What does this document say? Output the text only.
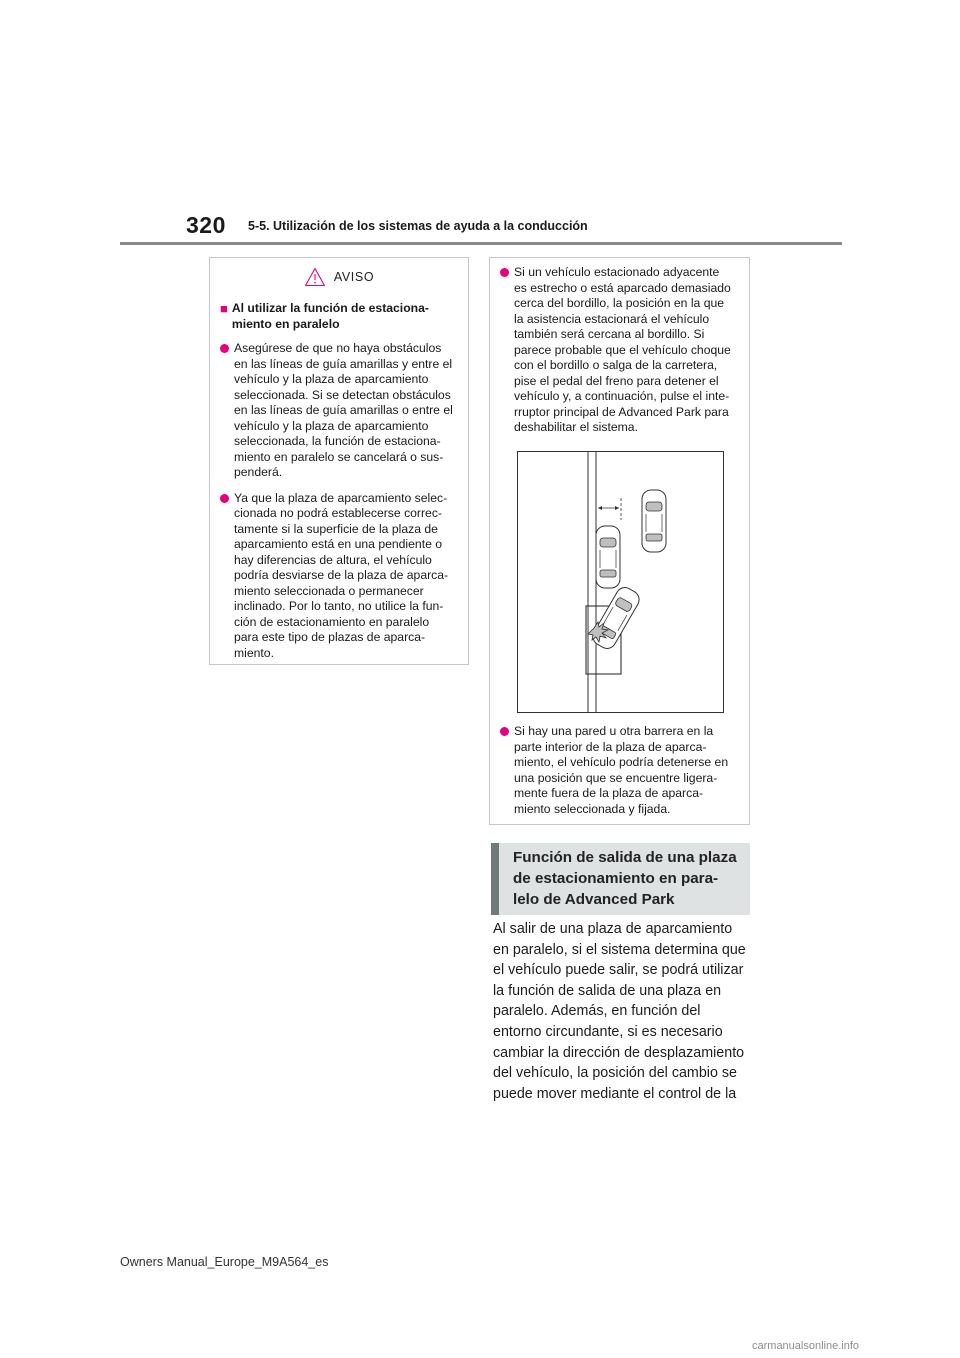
320 5-5. Utilización de los sistemas de ayuda a la conducción
AVISO
■ Al utilizar la función de estaciona-
miento en paralelo
Asegúrese de que no haya obstáculos
en las líneas de guía amarillas y entre el
vehículo y la plaza de aparcamiento
seleccionada. Si se detectan obstáculos
en las líneas de guía amarillas o entre el
vehículo y la plaza de aparcamiento
seleccionada, la función de estaciona-
miento en paralelo se cancelará o sus-
penderá.
Ya que la plaza de aparcamiento selec-
cionada no podrá establecerse correc-
tamente si la superficie de la plaza de
aparcamiento está en una pendiente o
hay diferencias de altura, el vehículo
podría desviarse de la plaza de aparca-
miento seleccionada o permanecer
inclinado. Por lo tanto, no utilice la fun-
ción de estacionamiento en paralelo
para este tipo de plazas de aparca-
miento.
Si un vehículo estacionado adyacente
es estrecho o está aparcado demasiado
cerca del bordillo, la posición en la que
la asistencia estacionará el vehículo
también será cercana al bordillo. Si
parece probable que el vehículo choque
con el bordillo o salga de la carretera,
pise el pedal del freno para detener el
vehículo y, a continuación, pulse el inte-
rruptor principal de Advanced Park para
deshabilitar el sistema.
Si hay una pared u otra barrera en la
parte interior de la plaza de aparca-
miento, el vehículo podría detenerse en
una posición que se encuentre ligera-
mente fuera de la plaza de aparca-
miento seleccionada y fijada.
Función de salida de una plaza
de estacionamiento en para-
lelo de Advanced Park
Al salir de una plaza de aparcamiento
en paralelo, si el sistema determina que
el vehículo puede salir, se podrá utilizar
la función de salida de una plaza en
paralelo. Además, en función del
entorno circundante, si es necesario
cambiar la dirección de desplazamiento
del vehículo, la posición del cambio se
puede mover mediante el control de la
Owners Manual_Europe_M9A564_es
carmanualsonline.info
